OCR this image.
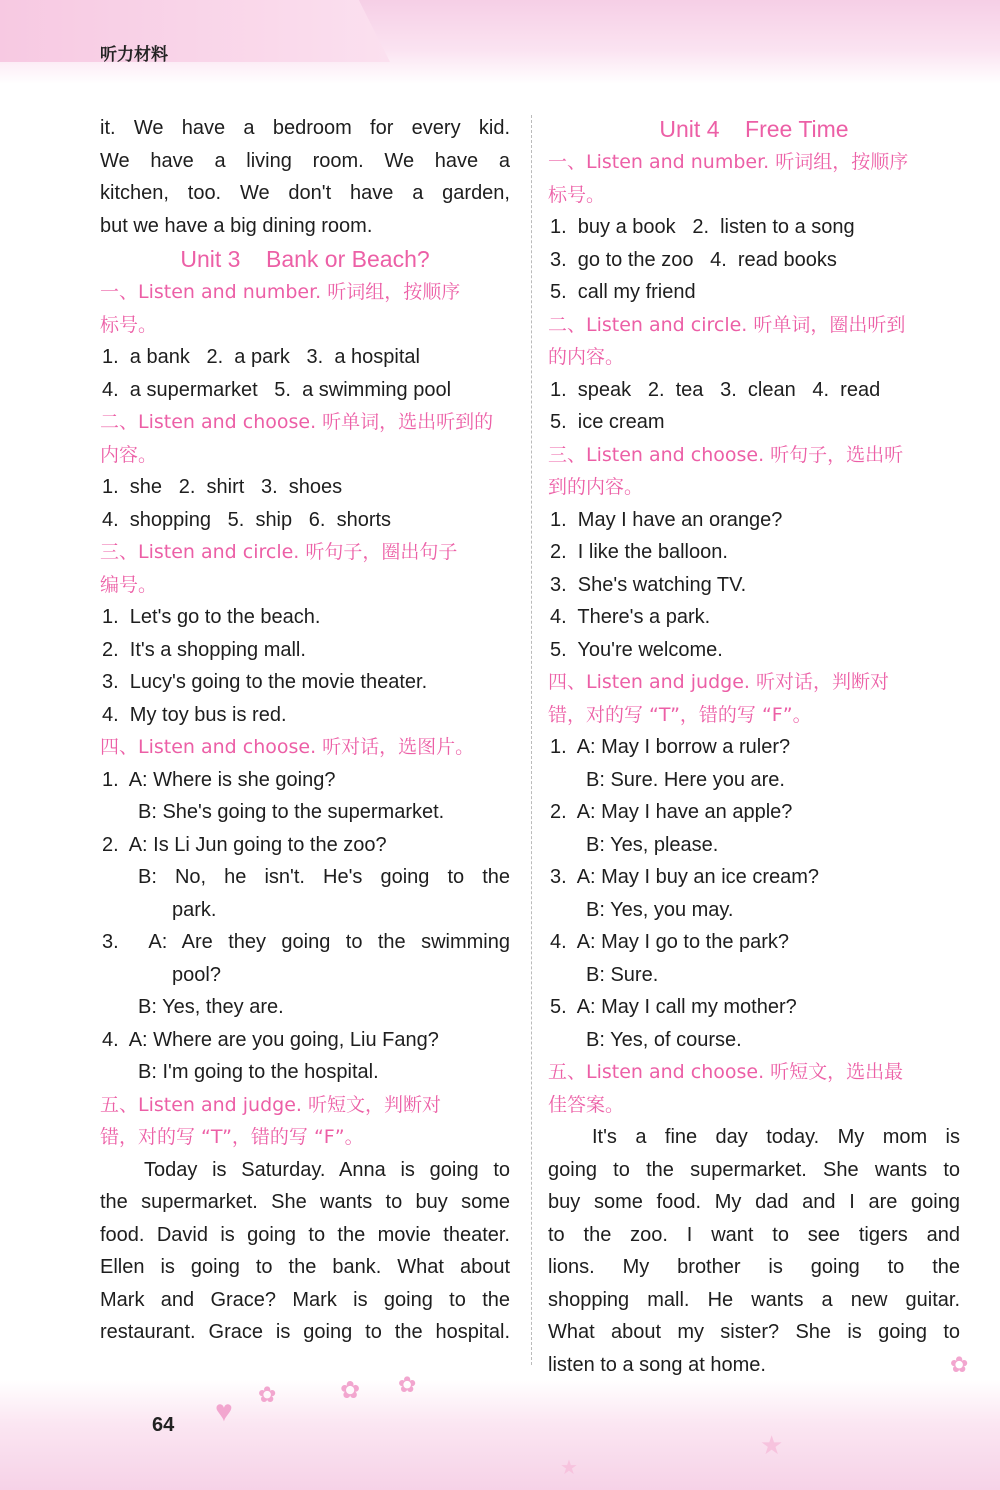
听力材料
it. We have a bedroom for every kid.
We have a living room. We have a
kitchen, too. We don't have a garden,
but we have a big dining room.
Unit 3    Bank or Beach?
一、Listen and number. 听词组，按顺序
标号。
1.  a bank   2.  a park   3.  a hospital
4.  a supermarket   5.  a swimming pool
二、Listen and choose. 听单词，选出听到的
内容。
1.  she   2.  shirt   3.  shoes
4.  shopping   5.  ship   6.  shorts
三、Listen and circle. 听句子，圈出句子
编号。
1.  Let's go to the beach.
2.  It's a shopping mall.
3.  Lucy's going to the movie theater.
4.  My toy bus is red.
四、Listen and choose. 听对话，选图片。
1.  A: Where is she going?
B: She's going to the supermarket.
2.  A: Is Li Jun going to the zoo?
B: No, he isn't. He's going to the
park.
3.  A: Are they going to the swimming
pool?
B: Yes, they are.
4.  A: Where are you going, Liu Fang?
B: I'm going to the hospital.
五、Listen and judge. 听短文，判断对
错，对的写 “T”，错的写 “F”。
Today is Saturday. Anna is going to
the supermarket. She wants to buy some
food. David is going to the movie theater.
Ellen is going to the bank. What about
Mark and Grace? Mark is going to the
restaurant. Grace is going to the hospital.
Unit 4    Free Time
一、Listen and number. 听词组，按顺序
标号。
1.  buy a book   2.  listen to a song
3.  go to the zoo   4.  read books
5.  call my friend
二、Listen and circle. 听单词，圈出听到
的内容。
1.  speak   2.  tea   3.  clean   4.  read
5.  ice cream
三、Listen and choose. 听句子，选出听
到的内容。
1.  May I have an orange?
2.  I like the balloon.
3.  She's watching TV.
4.  There's a park.
5.  You're welcome.
四、Listen and judge. 听对话，判断对
错，对的写 “T”，错的写 “F”。
1.  A: May I borrow a ruler?
B: Sure. Here you are.
2.  A: May I have an apple?
B: Yes, please.
3.  A: May I buy an ice cream?
B: Yes, you may.
4.  A: May I go to the park?
B: Sure.
5.  A: May I call my mother?
B: Yes, of course.
五、Listen and choose. 听短文，选出最
佳答案。
It's a fine day today. My mom is
going to the supermarket. She wants to
buy some food. My dad and I are going
to the zoo. I want to see tigers and
lions. My brother is going to the
shopping mall. He wants a new guitar.
What about my sister? She is going to
listen to a song at home.
♥
✿	✿ ✿
✿
★
★
64
